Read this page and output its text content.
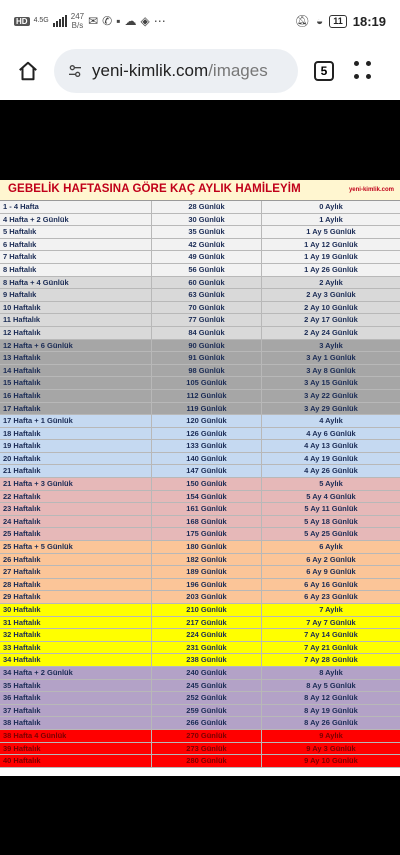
HD 4.5G	247
B/s ✉ ✆ ▪ ☁ ◈ ⋯	🔕︎ ◒	11 18:19
yeni-kimlik.com/images	5
GEBELİK HAFTASINA GÖRE KAÇ AYLIK HAMİLEYİM	yeni-kimlik.com
1 - 4 Hafta	28 Günlük	0 Aylık
4 Hafta + 2 Günlük	30 Günlük	1 Aylık
5 Haftalık	35 Günlük	1 Ay 5 Günlük
6 Haftalık	42 Günlük	1 Ay 12 Günlük
7 Haftalık	49 Günlük	1 Ay 19 Günlük
8 Haftalık	56 Günlük	1 Ay 26 Günlük
8 Hafta + 4 Günlük	60 Günlük	2 Aylık
9 Haftalık	63 Günlük	2 Ay 3 Günlük
10 Haftalık	70 Günlük	2 Ay 10 Günlük
11 Haftalık	77 Günlük	2 Ay 17 Günlük
12 Haftalık	84 Günlük	2 Ay 24 Günlük
12 Hafta + 6 Günlük	90 Günlük	3 Aylık
13 Haftalık	91 Günlük	3 Ay 1 Günlük
14 Haftalık	98 Günlük	3 Ay 8 Günlük
15 Haftalık	105 Günlük	3 Ay 15 Günlük
16 Haftalık	112 Günlük	3 Ay 22 Günlük
17 Haftalık	119 Günlük	3 Ay 29 Günlük
17 Hafta + 1 Günlük	120 Günlük	4 Aylık
18 Haftalık	126 Günlük	4 Ay 6 Günlük
19 Haftalık	133 Günlük	4 Ay 13 Günlük
20 Haftalık	140 Günlük	4 Ay 19 Günlük
21 Haftalık	147 Günlük	4 Ay 26 Günlük
21 Hafta + 3 Günlük	150 Günlük	5 Aylık
22 Haftalık	154 Günlük	5 Ay 4 Günlük
23 Haftalık	161 Günlük	5 Ay 11 Günlük
24 Haftalık	168 Günlük	5 Ay 18 Günlük
25 Haftalık	175 Günlük	5 Ay 25 Günlük
25 Hafta + 5 Günlük	180 Günlük	6 Aylık
26 Haftalık	182 Günlük	6 Ay 2 Günlük
27 Haftalık	189 Günlük	6 Ay 9 Günlük
28 Haftalık	196 Günlük	6 Ay 16 Günlük
29 Haftalık	203 Günlük	6 Ay 23 Günlük
30 Haftalık	210 Günlük	7 Aylık
31 Haftalık	217 Günlük	7 Ay 7 Günlük
32 Haftalık	224 Günlük	7 Ay 14 Günlük
33 Haftalık	231 Günlük	7 Ay 21 Günlük
34 Haftalık	238 Günlük	7 Ay 28 Günlük
34 Hafta + 2 Günlük	240 Günlük	8 Aylık
35 Haftalık	245 Günlük	8 Ay 5 Günlük
36 Haftalık	252 Günlük	8 Ay 12 Günlük
37 Haftalık	259 Günlük	8 Ay 19 Günlük
38 Haftalık	266 Günlük	8 Ay 26 Günlük
38 Hafta 4 Günlük	270 Günlük	9 Aylık
39 Haftalık	273 Günlük	9 Ay 3 Günlük
40 Haftalık	280 Günlük	9 Ay 10 Günlük
